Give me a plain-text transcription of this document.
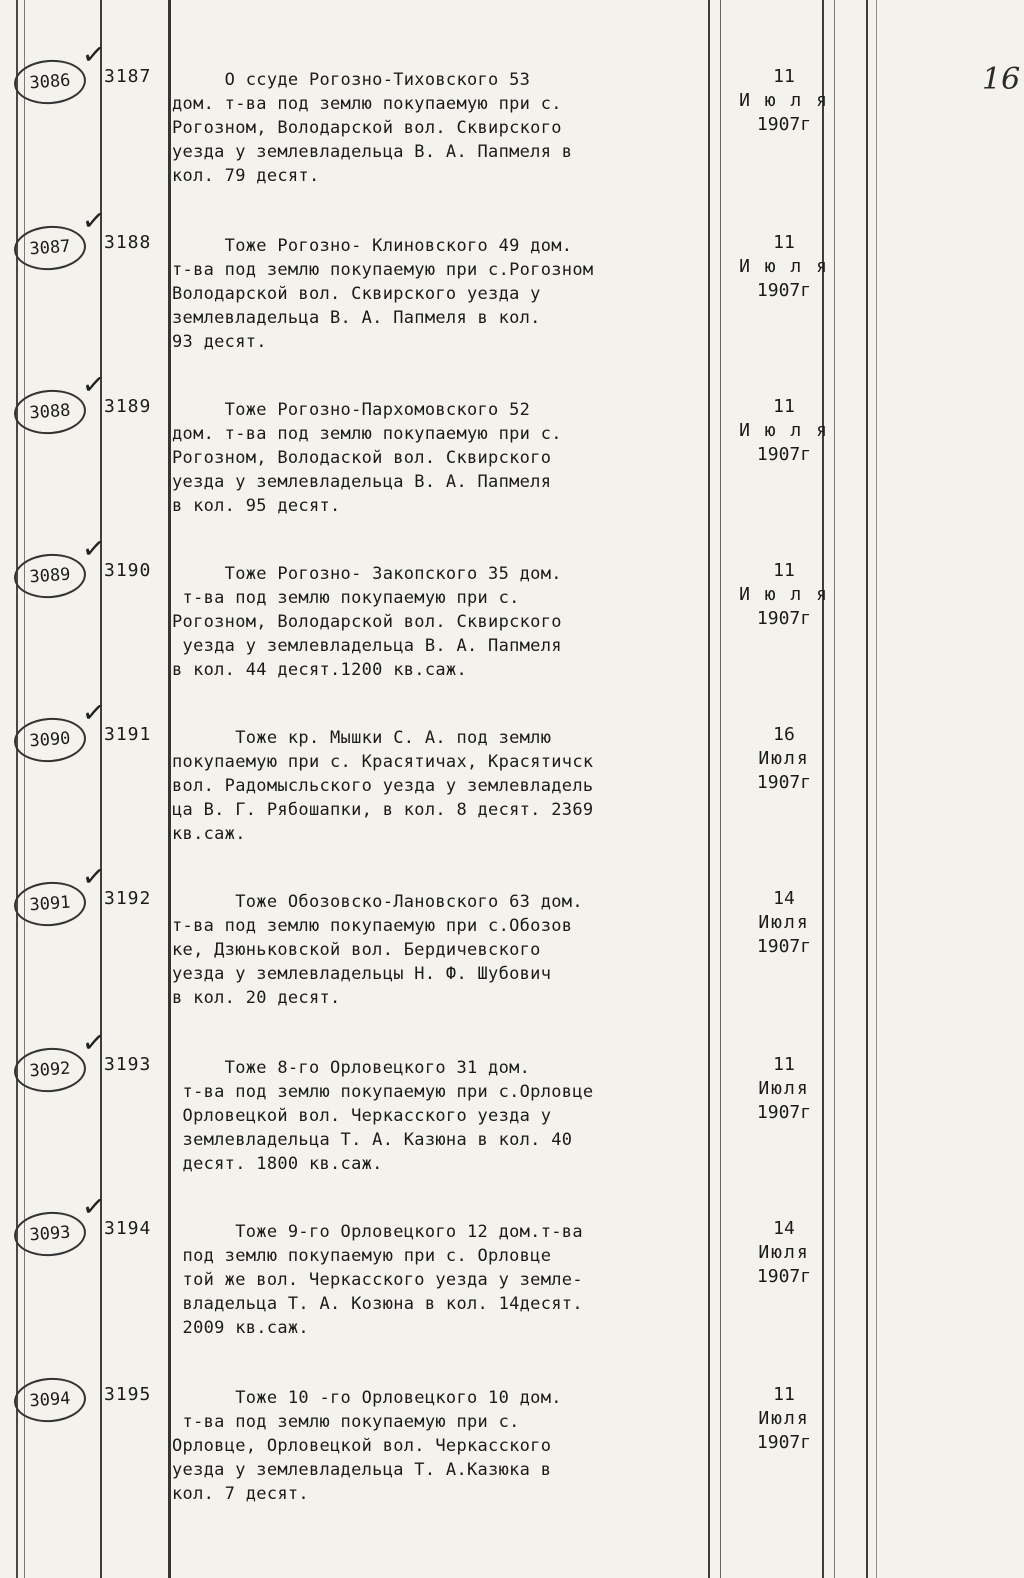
16
3086
✓
3187 О ссуде Рогозно-Тиховского 53
дом. т-ва под землю покупаемую при с.
Рогозном, Володарской вол. Сквирского
уезда у землевладельца В. А. Папмеля в
кол. 79 десят.
11
И ю л я
1907г
3087
✓
3188 Тоже Рогозно- Клиновского 49 дом.
т-ва под землю покупаемую при с.Рогозном
Володарской вол. Сквирского уезда у
землевладельца В. А. Папмеля в кол.
93 десят.
11
И ю л я
1907г
3088
✓
3189 Тоже Рогозно-Пархомовского 52
дом. т-ва под землю покупаемую при с.
Рогозном, Володаской вол. Сквирского
уезда у землевладельца В. А. Папмеля
в кол. 95 десят.
11
И ю л я
1907г
3089
✓
3190 Тоже Рогозно- Закопского 35 дом.
т-ва под землю покупаемую при с.
Рогозном, Володарской вол. Сквирского
уезда у землевладельца В. А. Папмеля
в кол. 44 десят.1200 кв.саж.
11
И ю л я
1907г
3090
✓
3191 Тоже кр. Мышки С. А. под землю
покупаемую при с. Красятичах, Красятичск
вол. Радомысльского уезда у землевладель
ца В. Г. Рябошапки, в кол. 8 десят. 2369
кв.саж.
16
Июля
1907г
3091
✓
3192 Тоже Обозовско-Лановского 63 дом.
т-ва под землю покупаемую при с.Обозов
ке, Дзюньковской вол. Бердичевского
уезда у землевладельцы Н. Ф. Шубович
в кол. 20 десят.
14
Июля
1907г
3092
✓
3193 Тоже 8-го Орловецкого 31 дом.
т-ва под землю покупаемую при с.Орловце
Орловецкой вол. Черкасского уезда у
землевладельца Т. А. Казюна в кол. 40
десят. 1800 кв.саж.
11
Июля
1907г
3093
✓
3194 Тоже 9-го Орловецкого 12 дом.т-ва
под землю покупаемую при с. Орловце
той же вол. Черкасского уезда у земле-
владельца Т. А. Козюна в кол. 14десят.
2009 кв.саж.
14
Июля
1907г
3094	3195 Тоже 10 -го Орловецкого 10 дом.
т-ва под землю покупаемую при с.
Орловце, Орловецкой вол. Черкасского
уезда у землевладельца Т. А.Казюка в
кол. 7 десят.
11
Июля
1907г
